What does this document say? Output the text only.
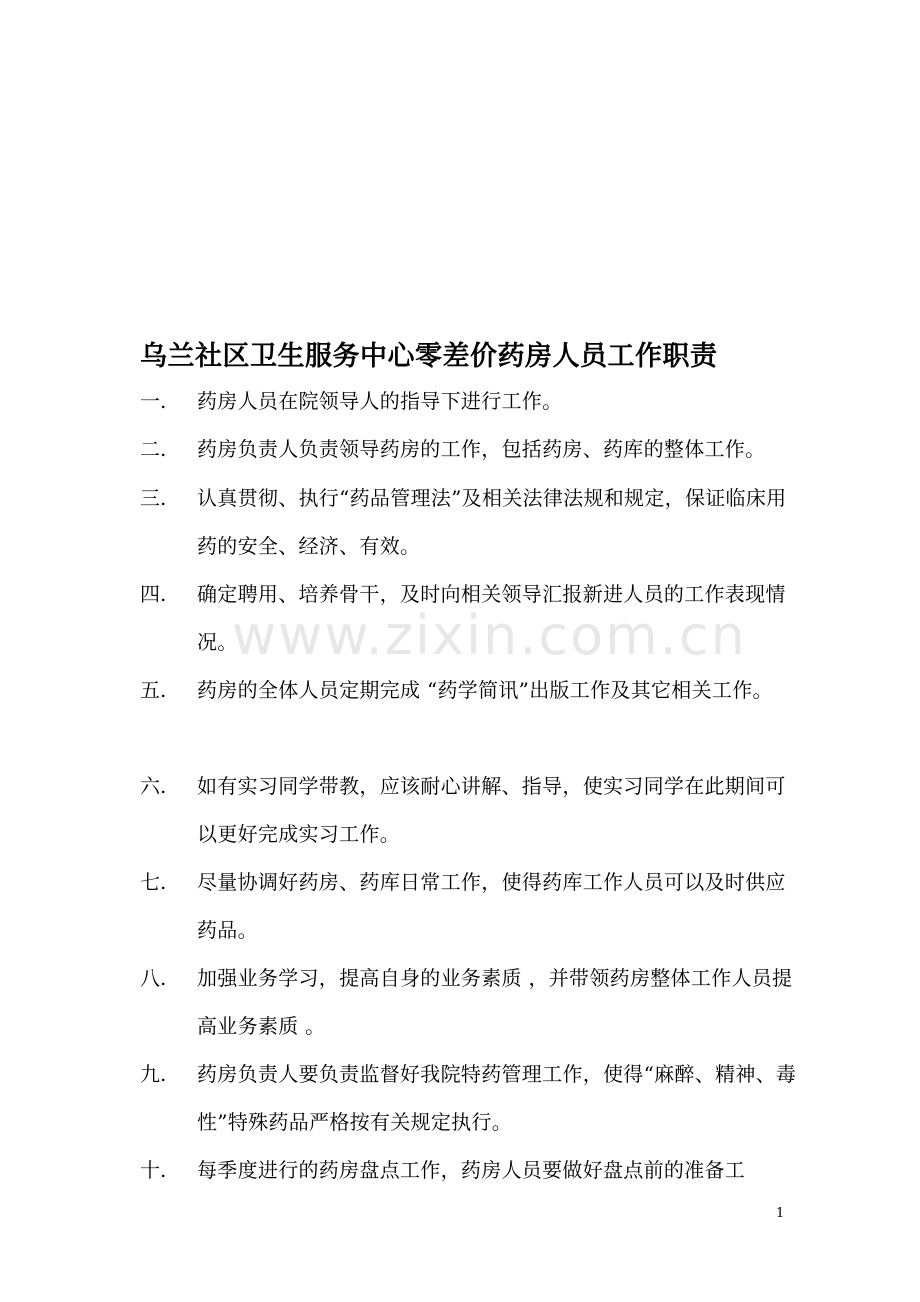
乌兰社区卫生服务中心零差价药房人员工作职责
一. 药房人员在院领导人的指导下进行工作。
二. 药房负责人负责领导药房的工作，包括药房、药库的整体工作。
三. 认真贯彻、执行“药品管理法”及相关法律法规和规定，保证临床用药的安全、经济、有效。
四. 确定聘用、培养骨干，及时向相关领导汇报新进人员的工作表现情况。
五. 药房的全体人员定期完成 “药学简讯”出版工作及其它相关工作。
六. 如有实习同学带教，应该耐心讲解、指导，使实习同学在此期间可以更好完成实习工作。
七. 尽量协调好药房、药库日常工作，使得药库工作人员可以及时供应药品。
八. 加强业务学习，提高自身的业务素质 ，并带领药房整体工作人员提高业务素质 。
九. 药房负责人要负责监督好我院特药管理工作，使得“麻醉、精神、毒性”特殊药品严格按有关规定执行。
十. 每季度进行的药房盘点工作，药房人员要做好盘点前的准备工
www.zixin.com.cn
1
